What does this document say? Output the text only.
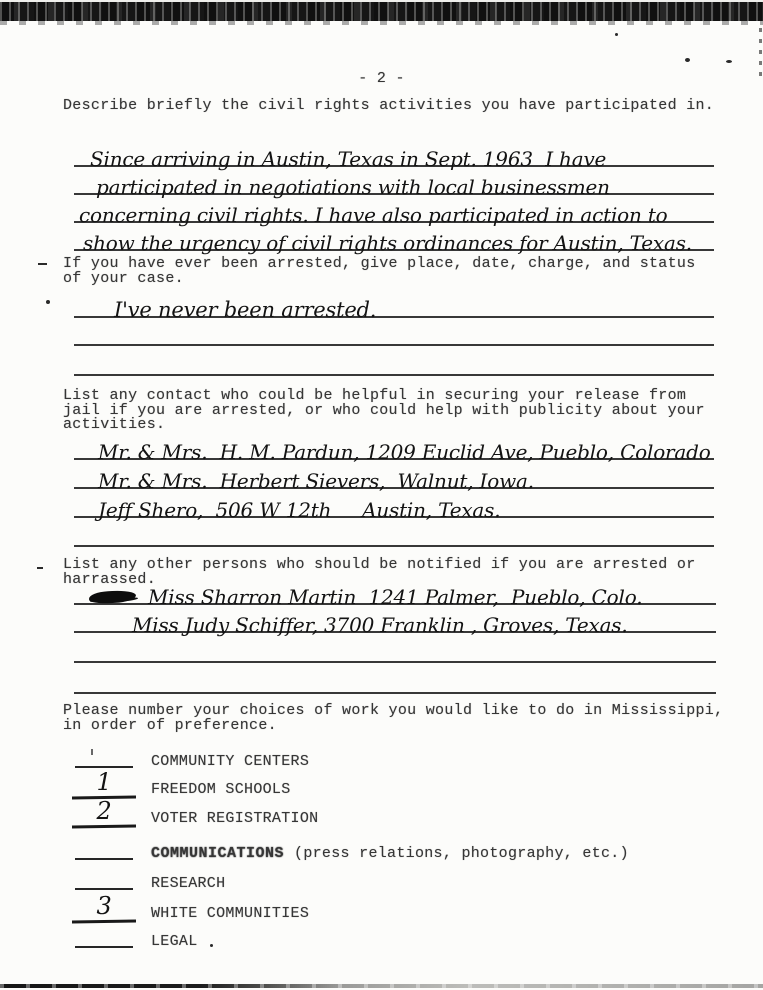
- 2 -
Describe briefly the civil rights activities you have participated in.
Since arriving in Austin, Texas in Sept. 1963  I have
participated in negotiations with local businessmen
concerning civil rights. I have also participated in action to
show the urgency of civil rights ordinances for Austin, Texas.
If you have ever been arrested, give place, date, charge, and status
of your case.
I've never been arrested.
List any contact who could be helpful in securing your release from
jail if you are arrested, or who could help with publicity about your
activities.
Mr. & Mrs.  H. M. Pardun, 1209 Euclid Ave, Pueblo, Colorado
Mr. & Mrs.  Herbert Sievers,  Walnut, Iowa.
Jeff Shero,  506 W 12th     Austin, Texas.
List any other persons who should be notified if you are arrested or
harrassed.
Miss Sharron Martin  1241 Palmer,  Pueblo, Colo.
Miss Judy Schiffer, 3700 Franklin , Groves, Texas.
Please number your choices of work you would like to do in Mississippi,
in order of preference.
COMMUNITY CENTERS
1	FREEDOM SCHOOLS
2	VOTER REGISTRATION
COMMUNICATIONS (press relations, photography, etc.)
RESEARCH
3	WHITE COMMUNITIES
LEGAL
